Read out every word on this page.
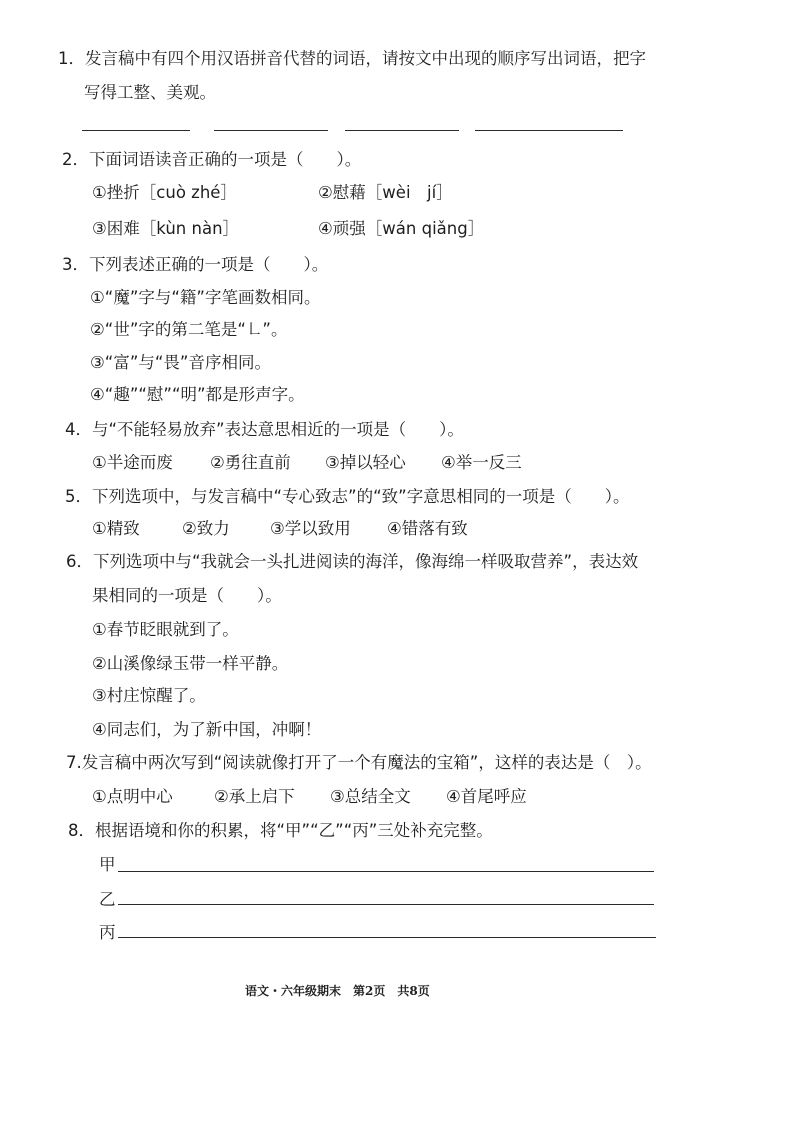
1．发言稿中有四个用汉语拼音代替的词语，请按文中出现的顺序写出词语，把字
写得工整、美观。
2．下面词语读音正确的一项是（　　）。
①挫折［cuò zhé］	②慰藉［wèi　jí］
③困难［kùn nàn］	④顽强［wán qiǎng］
3．下列表述正确的一项是（　　）。
①“魔”字与“籍”字笔画数相同。
②“世”字的第二笔是“㇗”。
③“富”与“畏”音序相同。
④“趣”“慰”“明”都是形声字。
4．与“不能轻易放弃”表达意思相近的一项是（　　）。
①半途而废 ②勇往直前 ③掉以轻心 ④举一反三
5．下列选项中，与发言稿中“专心致志”的“致”字意思相同的一项是（　　）。
①精致	②致力 ③学以致用 ④错落有致
6．下列选项中与“我就会一头扎进阅读的海洋，像海绵一样吸取营养”，表达效
果相同的一项是（　　）。
①春节眨眼就到了。
②山溪像绿玉带一样平静。
③村庄惊醒了。
④同志们，为了新中国，冲啊！
7.发言稿中两次写到“阅读就像打开了一个有魔法的宝箱”，这样的表达是（　）。
①点明中心 ②承上启下 ③总结全文 ④首尾呼应
8．根据语境和你的积累，将“甲”“乙”“丙”三处补充完整。
甲
乙
丙
语文・六年级期末　第2页　共8页
